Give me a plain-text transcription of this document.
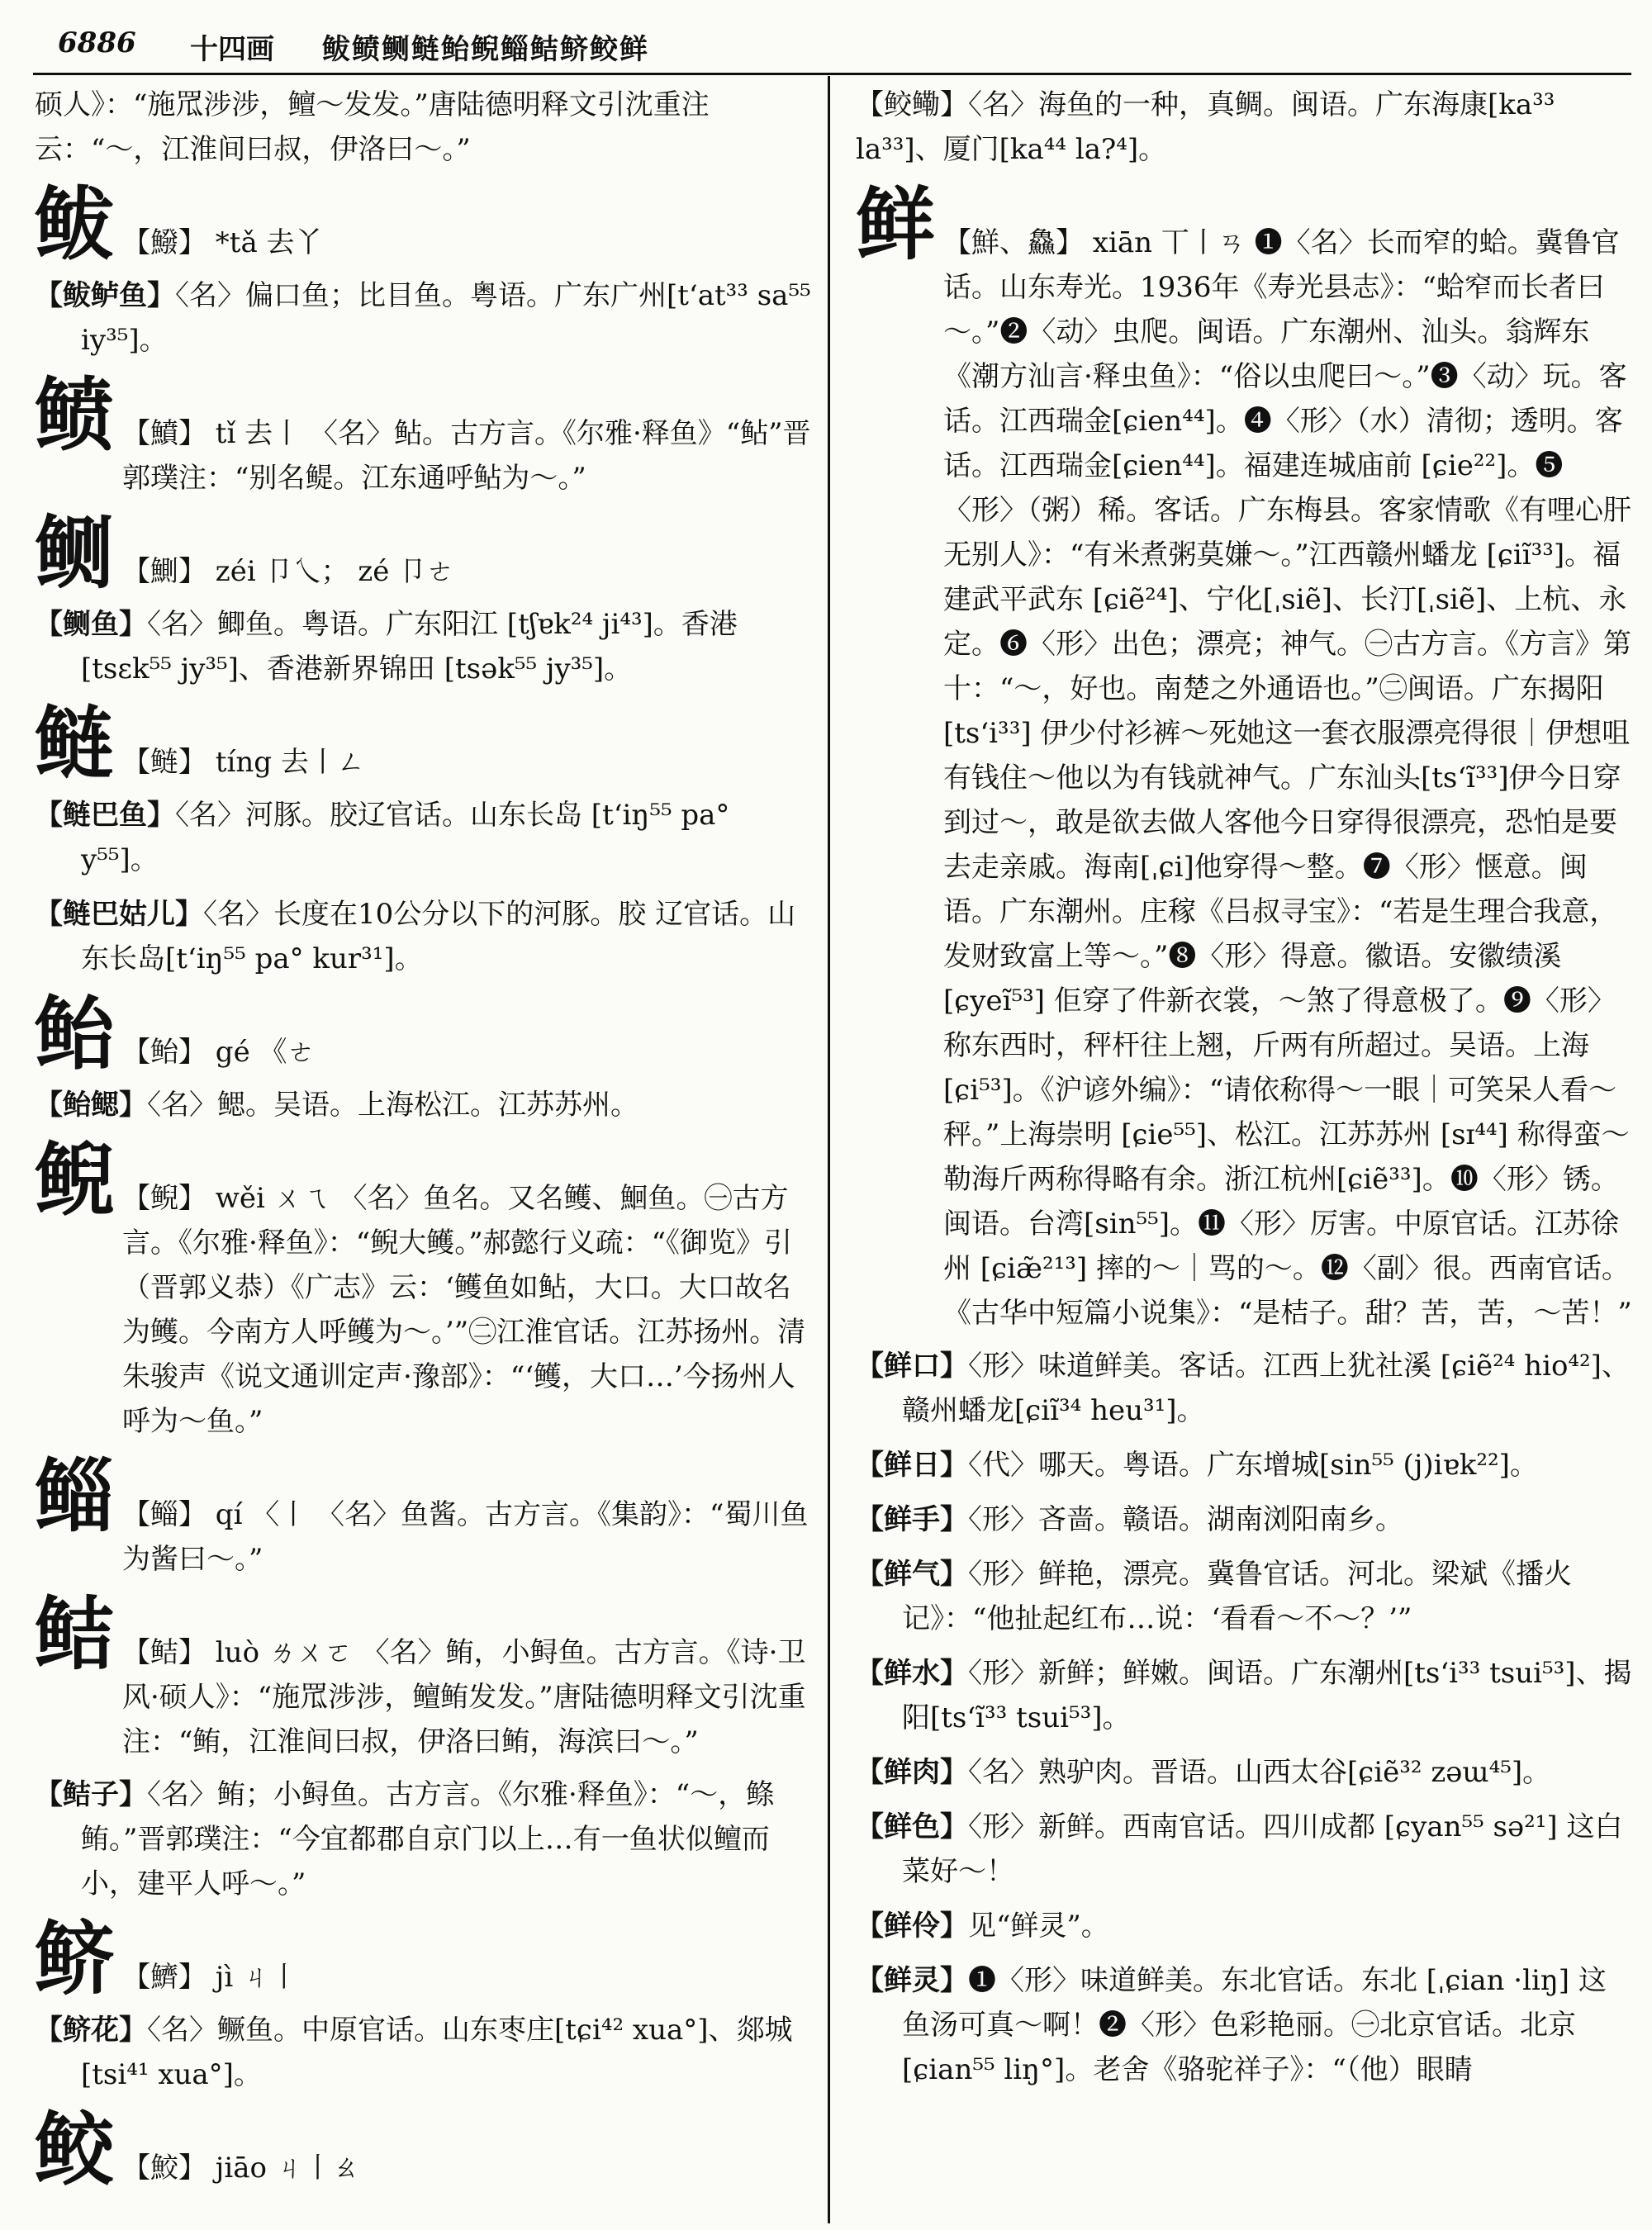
6886 十四画 鲅鲼鲗鲢鲐鲵鲻鲒鲚鲛鲜

硕人》：“施罛涉涉，鳣～发发。”唐陆德明释文引沈重注云：“～，江淮间曰叔，伊洛曰～。”

鲅 【鱍】 *tǎ 去丫

【鲅鲈鱼】〈名〉偏口鱼；比目鱼。粤语。广东广州[tʻat³³ sa⁵⁵ iy³⁵]。

鲼 【鱝】 tǐ 去丨 〈名〉鲇。古方言。《尔雅·释鱼》“鲇”晋郭璞注：“别名鳀。江东通呼鲇为～。”
鲗 【鰂】 zéi 卩乀； zé 卩ㄜ

【鲗鱼】〈名〉鲫鱼。粤语。广东阳江 [tʃɐk²⁴ ji⁴³]。香港[tsɛk⁵⁵ jy³⁵]、香港新界锦田 [tsək⁵⁵ jy³⁵]。

鲢 【鲢】 tíng 去丨ㄥ

【鲢巴鱼】〈名〉河豚。胶辽官话。山东长岛 [tʻiŋ⁵⁵ pa° y⁵⁵]。

【鲢巴姑儿】〈名〉长度在10公分以下的河豚。胶 辽官话。山东长岛[tʻiŋ⁵⁵ pa° kur³¹]。

鲐 【鲐】 gé 《ㄜ

【鲐鳃】〈名〉鳃。吴语。上海松江。江苏苏州。

鲵 【鲵】 wěi ㄨㄟ 〈名〉鱼名。又名鳠、鮰鱼。㊀古方言。《尔雅·释鱼》：“鲵大鳠。”郝懿行义疏：“《御览》引（晋郭义恭）《广志》云：‘鳠鱼如鲇，大口。大口故名为鳠。今南方人呼鳠为～。’”㊁江淮官话。江苏扬州。清朱骏声《说文通训定声·豫部》：“‘鳠，大口…’今扬州人呼为～鱼。”
鲻 【鲻】 qí 〈丨 〈名〉鱼酱。古方言。《集韵》：“蜀川鱼为酱曰～。”
鲒 【鲒】 luò ㄌㄨㄛ 〈名〉鲔，小鲟鱼。古方言。《诗·卫风·硕人》：“施罛涉涉，鳣鲔发发。”唐陆德明释文引沈重注：“鲔，江淮间曰叔，伊洛曰鲔，海滨曰～。”

【鲒子】〈名〉鲔；小鲟鱼。古方言。《尔雅·释鱼》：“～，鲦鲔。”晋郭璞注：“今宜都郡自京门以上…有一鱼状似鳣而小，建平人呼～。”

鲚 【鱭】 jì ㄐ丨

【鲚花】〈名〉鳜鱼。中原官话。山东枣庄[tɕi⁴² xua°]、郯城[tsi⁴¹ xua°]。

鲛 【鮫】 jiāo ㄐ丨ㄠ

【鲛鳓】〈名〉海鱼的一种，真鲷。闽语。广东海康[ka³³ la³³]、厦门[ka⁴⁴ la?⁴]。

鲜 【鮮、鱻】 xiān 丅丨ㄢ ❶〈名〉长而窄的蛤。冀鲁官话。山东寿光。1936年《寿光县志》：“蛤窄而长者曰～。”❷〈动〉虫爬。闽语。广东潮州、汕头。翁辉东《潮方汕言·释虫鱼》：“俗以虫爬曰～。”❸〈动〉玩。客话。江西瑞金[ɕien⁴⁴]。❹〈形〉（水）清彻；透明。客话。江西瑞金[ɕien⁴⁴]。福建连城庙前 [ɕie²²]。❺〈形〉（粥）稀。客话。广东梅县。客家情歌《有哩心肝无别人》：“有米煮粥莫嫌～。”江西赣州蟠龙 [ɕiĩ³³]。福建武平武东 [ɕiẽ²⁴]、宁化[ˌsiẽ]、长汀[ˌsiẽ]、上杭、永定。❻〈形〉出色；漂亮；神气。㊀古方言。《方言》第十：“～，好也。南楚之外通语也。”㊁闽语。广东揭阳[tsʻi³³] 伊少付衫裤～死她这一套衣服漂亮得很｜伊想咀有钱住～他以为有钱就神气。广东汕头[tsʻĩ³³]伊今日穿到过～，敢是欲去做人客他今日穿得很漂亮，恐怕是要去走亲戚。海南[ˌɕi]他穿得～整。❼〈形〉惬意。闽语。广东潮州。庄稼《吕叔寻宝》：“若是生理合我意，发财致富上等～。”❽〈形〉得意。徽语。安徽绩溪 [ɕyeĩ⁵³] 佢穿了件新衣裳，～煞了得意极了。❾〈形〉称东西时，秤杆往上翘，斤两有所超过。吴语。上海[ɕi⁵³]。《沪谚外编》：“请依称得～一眼｜可笑呆人看～秤。”上海崇明 [ɕie⁵⁵]、松江。江苏苏州 [sɪ⁴⁴] 称得蛮～勒海斤两称得略有余。浙江杭州[ɕiẽ³³]。❿〈形〉锈。闽语。台湾[sin⁵⁵]。⓫〈形〉厉害。中原官话。江苏徐州 [ɕiæ̃²¹³] 摔的～｜骂的～。⓬〈副〉很。西南官话。《古华中短篇小说集》：“是桔子。甜？苦，苦，～苦！”

【鲜口】〈形〉味道鲜美。客话。江西上犹社溪 [ɕiẽ²⁴ hio⁴²]、赣州蟠龙[ɕiĩ³⁴ heu³¹]。

【鲜日】〈代〉哪天。粤语。广东增城[sin⁵⁵ (j)iɐk²²]。

【鲜手】〈形〉吝啬。赣语。湖南浏阳南乡。

【鲜气】〈形〉鲜艳，漂亮。冀鲁官话。河北。梁斌《播火记》：“他扯起红布…说：‘看看～不～？’”

【鲜水】〈形〉新鲜；鲜嫩。闽语。广东潮州[tsʻi³³ tsui⁵³]、揭阳[tsʻĩ³³ tsui⁵³]。

【鲜肉】〈名〉熟驴肉。晋语。山西太谷[ɕiẽ³² zəɯ⁴⁵]。

【鲜色】〈形〉新鲜。西南官话。四川成都 [ɕyan⁵⁵ sə²¹] 这白菜好～！

【鲜伶】见“鲜灵”。

【鲜灵】❶〈形〉味道鲜美。东北官话。东北 [ˌɕian ·liŋ] 这鱼汤可真～啊！❷〈形〉色彩艳丽。㊀北京官话。北京[ɕian⁵⁵ liŋ°]。老舍《骆驼祥子》：“（他）眼睛
